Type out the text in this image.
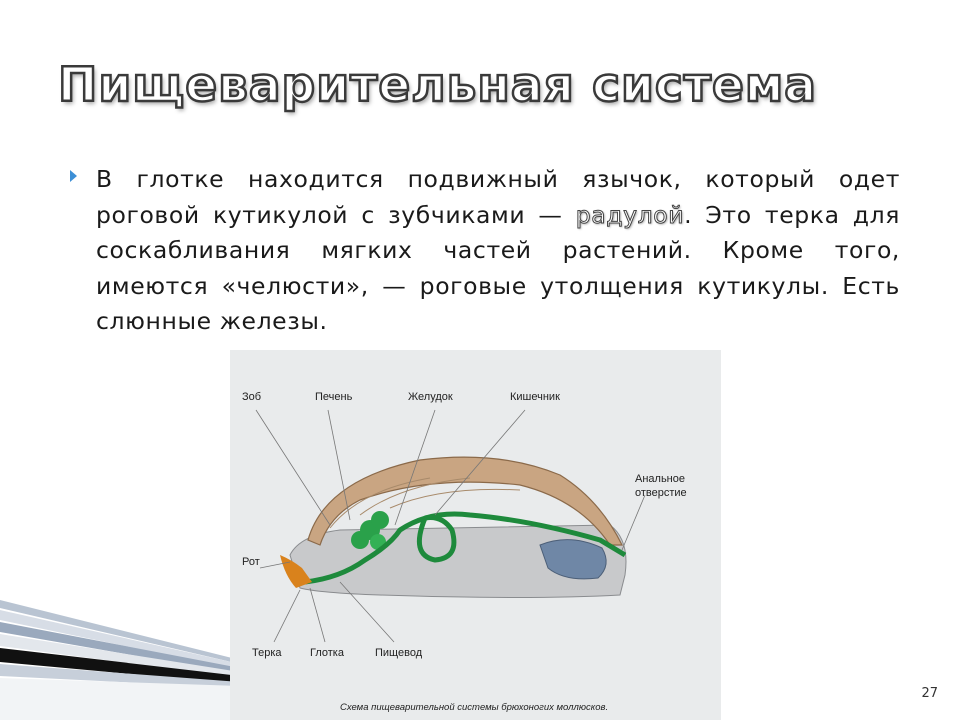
Пищеварительная система
В глотке находится подвижный язычок, который одет роговой кутикулой с зубчиками — радулой. Это терка для соскабливания мягких частей растений. Кроме того, имеются «челюсти», — роговые утолщения кутикулы. Есть слюнные железы.
Зоб	Печень	Желудок	Кишечник
Анальное
отверстие
Рот
Терка	Глотка	Пищевод
Схема пищеварительной системы брюхоногих моллюсков.
27
